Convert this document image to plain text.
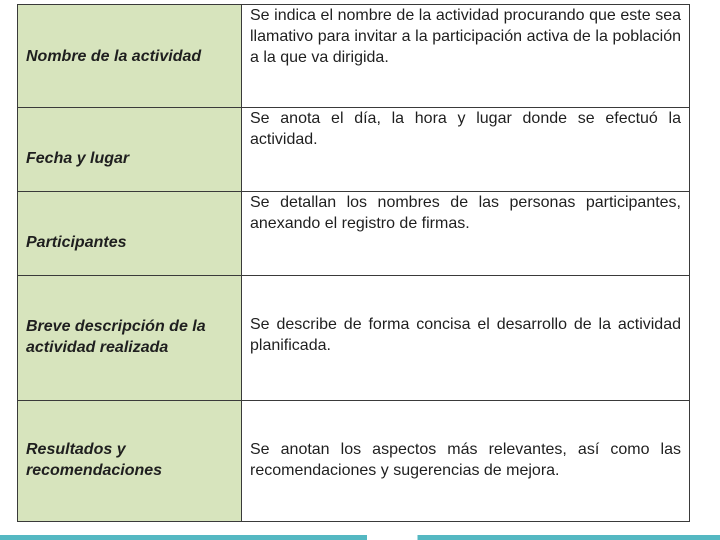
Nombre de la actividad	Se indica el nombre de la actividad procurando que este sea llamativo para invitar a la participación activa de la población a la que va dirigida.
Fecha y lugar	Se anota el día, la hora y lugar donde se efectuó la actividad.
Participantes	Se detallan los nombres de las personas participantes, anexando el registro de firmas.
Breve descripción de la actividad realizada	Se describe de forma concisa el desarrollo de la actividad planificada.
Resultados y recomendaciones	Se anotan los aspectos más relevantes, así como las recomendaciones y sugerencias de mejora.
